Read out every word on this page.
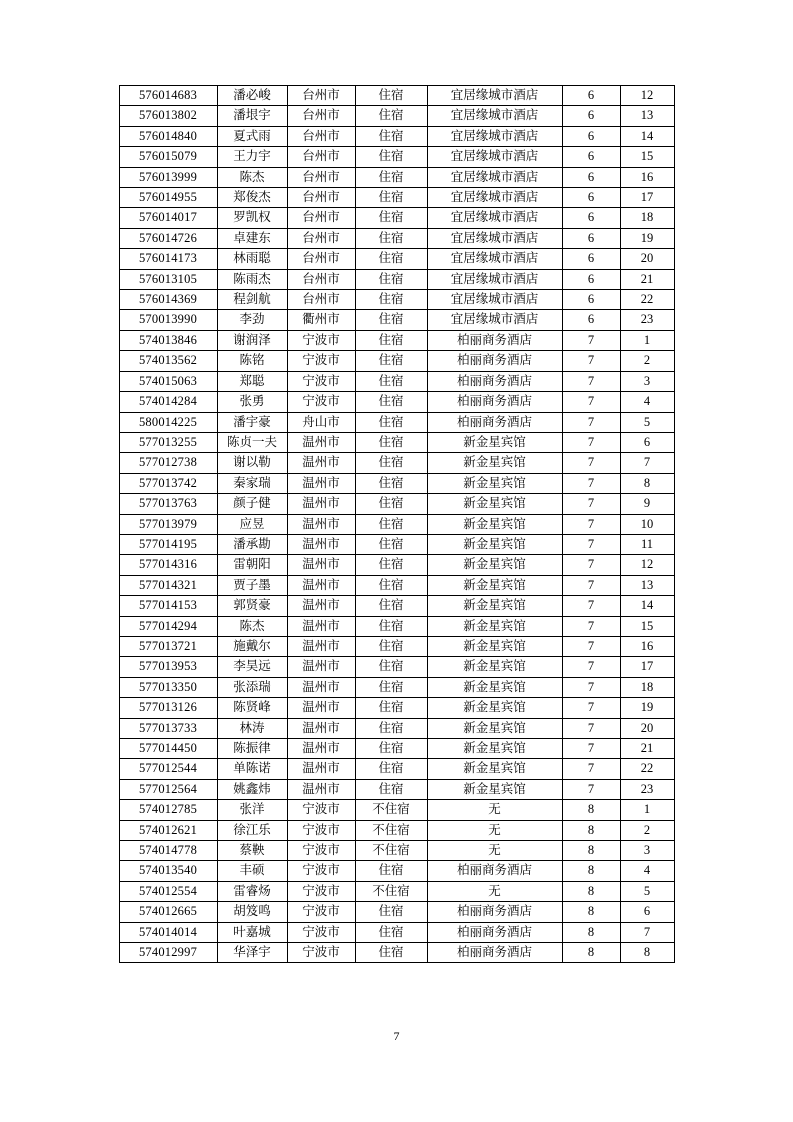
576014683	潘必峻	台州市	住宿	宜居缘城市酒店	6	12
576013802	潘垠宇	台州市	住宿	宜居缘城市酒店	6	13
576014840	夏式雨	台州市	住宿	宜居缘城市酒店	6	14
576015079	王力宇	台州市	住宿	宜居缘城市酒店	6	15
576013999	陈杰	台州市	住宿	宜居缘城市酒店	6	16
576014955	郑俊杰	台州市	住宿	宜居缘城市酒店	6	17
576014017	罗凯权	台州市	住宿	宜居缘城市酒店	6	18
576014726	卓建东	台州市	住宿	宜居缘城市酒店	6	19
576014173	林雨聪	台州市	住宿	宜居缘城市酒店	6	20
576013105	陈雨杰	台州市	住宿	宜居缘城市酒店	6	21
576014369	程剑航	台州市	住宿	宜居缘城市酒店	6	22
570013990	李劲	衢州市	住宿	宜居缘城市酒店	6	23
574013846	谢润泽	宁波市	住宿	柏丽商务酒店	7	1
574013562	陈铭	宁波市	住宿	柏丽商务酒店	7	2
574015063	郑聪	宁波市	住宿	柏丽商务酒店	7	3
574014284	张勇	宁波市	住宿	柏丽商务酒店	7	4
580014225	潘宇豪	舟山市	住宿	柏丽商务酒店	7	5
577013255	陈贞一夫	温州市	住宿	新金星宾馆	7	6
577012738	谢以勒	温州市	住宿	新金星宾馆	7	7
577013742	秦家瑞	温州市	住宿	新金星宾馆	7	8
577013763	颜子健	温州市	住宿	新金星宾馆	7	9
577013979	应昱	温州市	住宿	新金星宾馆	7	10
577014195	潘承勘	温州市	住宿	新金星宾馆	7	11
577014316	雷朝阳	温州市	住宿	新金星宾馆	7	12
577014321	贾子墨	温州市	住宿	新金星宾馆	7	13
577014153	郭贤豪	温州市	住宿	新金星宾馆	7	14
577014294	陈杰	温州市	住宿	新金星宾馆	7	15
577013721	施戴尔	温州市	住宿	新金星宾馆	7	16
577013953	李昊远	温州市	住宿	新金星宾馆	7	17
577013350	张添瑞	温州市	住宿	新金星宾馆	7	18
577013126	陈贤峰	温州市	住宿	新金星宾馆	7	19
577013733	林涛	温州市	住宿	新金星宾馆	7	20
577014450	陈振律	温州市	住宿	新金星宾馆	7	21
577012544	单陈诺	温州市	住宿	新金星宾馆	7	22
577012564	姚鑫炜	温州市	住宿	新金星宾馆	7	23
574012785	张洋	宁波市	不住宿	无	8	1
574012621	徐江乐	宁波市	不住宿	无	8	2
574014778	蔡鞅	宁波市	不住宿	无	8	3
574013540	丰硕	宁波市	住宿	柏丽商务酒店	8	4
574012554	雷睿炀	宁波市	不住宿	无	8	5
574012665	胡笈鸣	宁波市	住宿	柏丽商务酒店	8	6
574014014	叶嘉城	宁波市	住宿	柏丽商务酒店	8	7
574012997	华泽宇	宁波市	住宿	柏丽商务酒店	8	8
7
